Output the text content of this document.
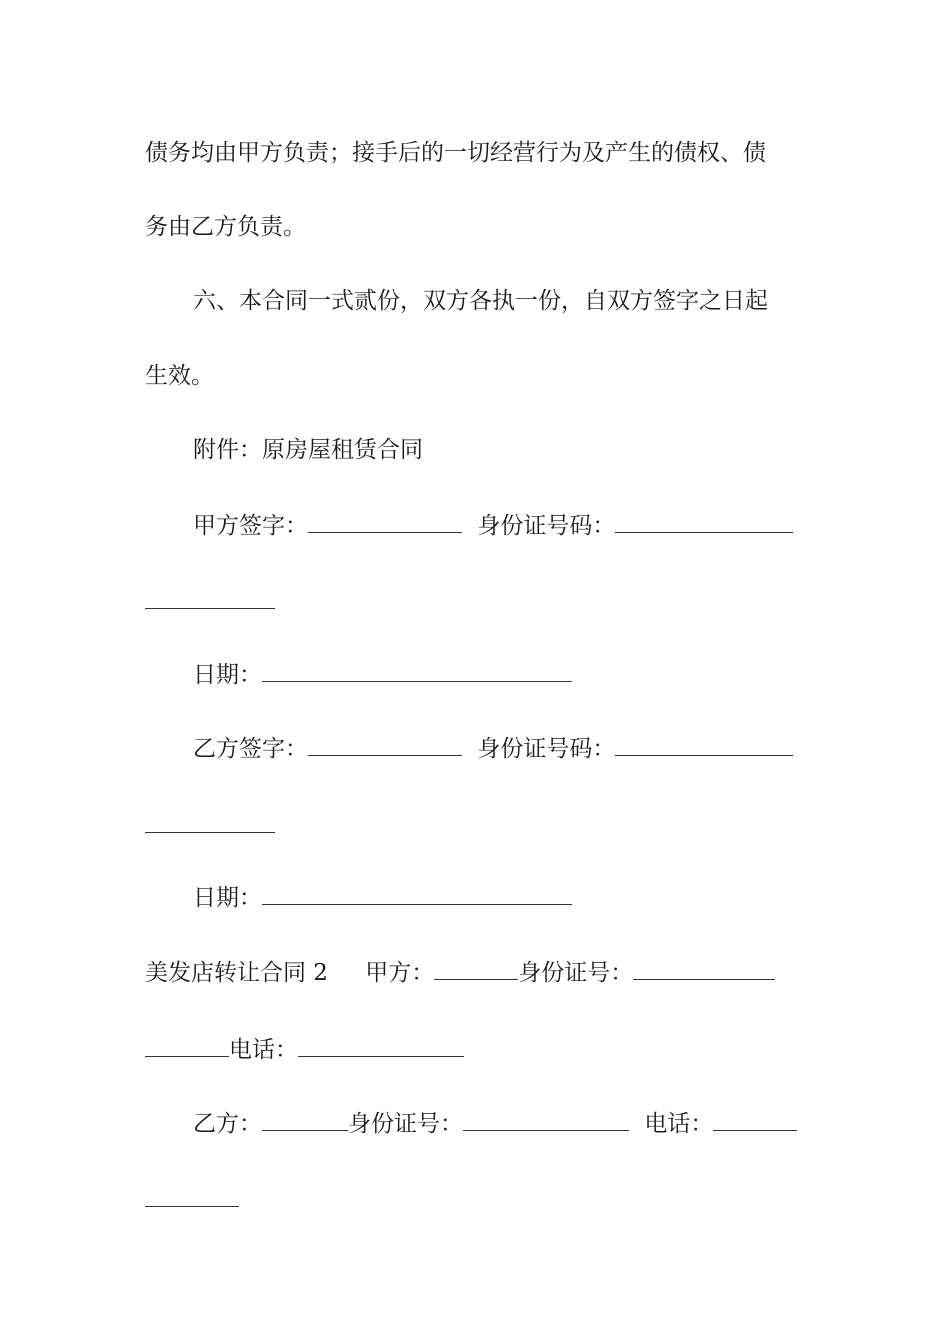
债务均由甲方负责；接手后的一切经营行为及产生的债权、债
务由乙方负责。
六、本合同一式贰份，双方各执一份，自双方签字之日起
生效。
附件：原房屋租赁合同
甲方签字：	身份证号码：
日期：
乙方签字：	身份证号码：
日期：
美发店转让合同 2 甲方：	身份证号：
电话：
乙方：	身份证号：	电话：
